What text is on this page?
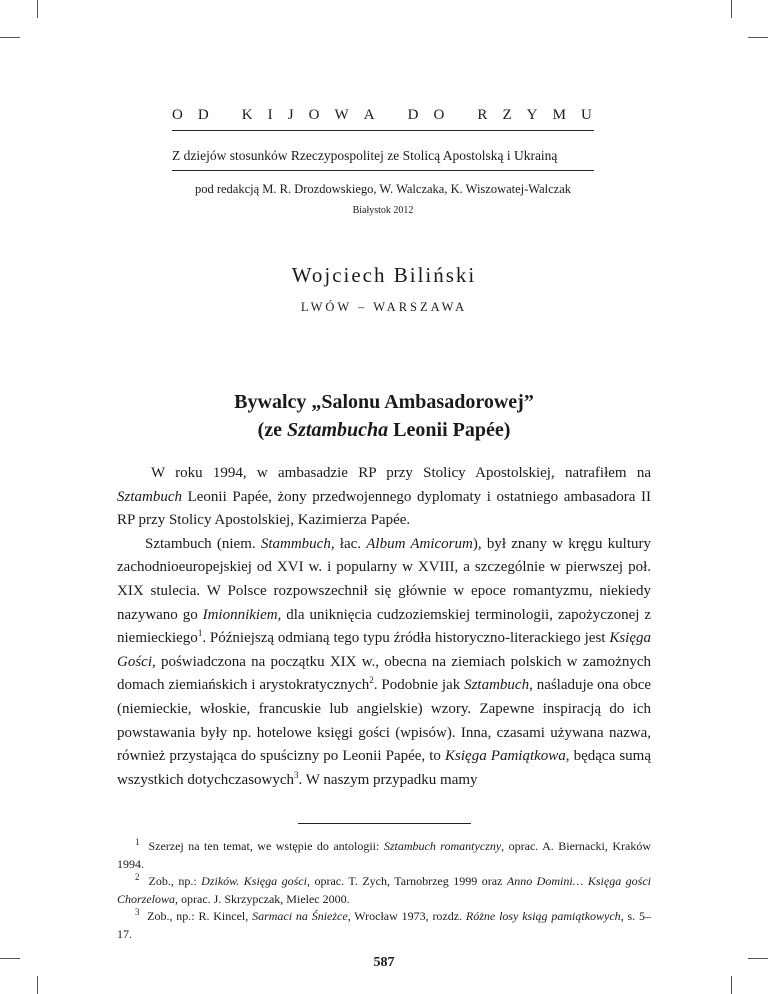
O D K I J O W A D O R Z Y M U
Z dziejów stosunków Rzeczypospolitej ze Stolicą Apostolską i Ukrainą
pod redakcją M. R. Drozdowskiego, W. Walczaka, K. Wiszowatej-Walczak
Białystok 2012
Wojciech Biliński
LWÓW – WARSZAWA
Bywalcy „Salonu Ambasadorowej”
(ze Sztambucha Leonii Papée)

W roku 1994, w ambasadzie RP przy Stolicy Apostolskiej, natrafiłem na Sztambuch Leonii Papée, żony przedwojennego dyplomaty i ostatniego ambasadora II RP przy Stolicy Apostolskiej, Kazimierza Papée.

Sztambuch (niem. Stammbuch, łac. Album Amicorum), był znany w kręgu kultury zachodnioeuropejskiej od XVI w. i popularny w XVIII, a szczególnie w pierwszej poł. XIX stulecia. W Polsce rozpowszechnił się głównie w epoce romantyzmu, niekiedy nazywano go Imionnikiem, dla uniknięcia cudzoziemskiej terminologii, zapożyczonej z niemieckiego$^1$. Późniejszą odmianą tego typu źródła historyczno-literackiego jest Księga Gości, poświadczona na początku XIX w., obecna na ziemiach polskich w zamożnych domach ziemiańskich i arystokratycznych$^2$. Podobnie jak Sztambuch, naśladuje ona obce (niemieckie, włoskie, francuskie lub angielskie) wzory. Zapewne inspiracją do ich powstawania były np. hotelowe księgi gości (wpisów). Inna, czasami używana nazwa, również przystająca do spuścizny po Leonii Papée, to Księga Pamiątkowa, będąca sumą wszystkich dotychczasowych$^3$. W naszym przypadku mamy

$^1$ Szerzej na ten temat, we wstępie do antologii: Sztambuch romantyczny, oprac. A. Biernacki, Kraków 1994.

$^2$ Zob., np.: Dzików. Księga gości, oprac. T. Zych, Tarnobrzeg 1999 oraz Anno Domini… Księga gości Chorzelowa, oprac. J. Skrzypczak, Mielec 2000.

$^3$ Zob., np.: R. Kincel, Sarmaci na Śnieżce, Wrocław 1973, rozdz. Różne losy ksiąg pamiątkowych, s. 5–17.

587
